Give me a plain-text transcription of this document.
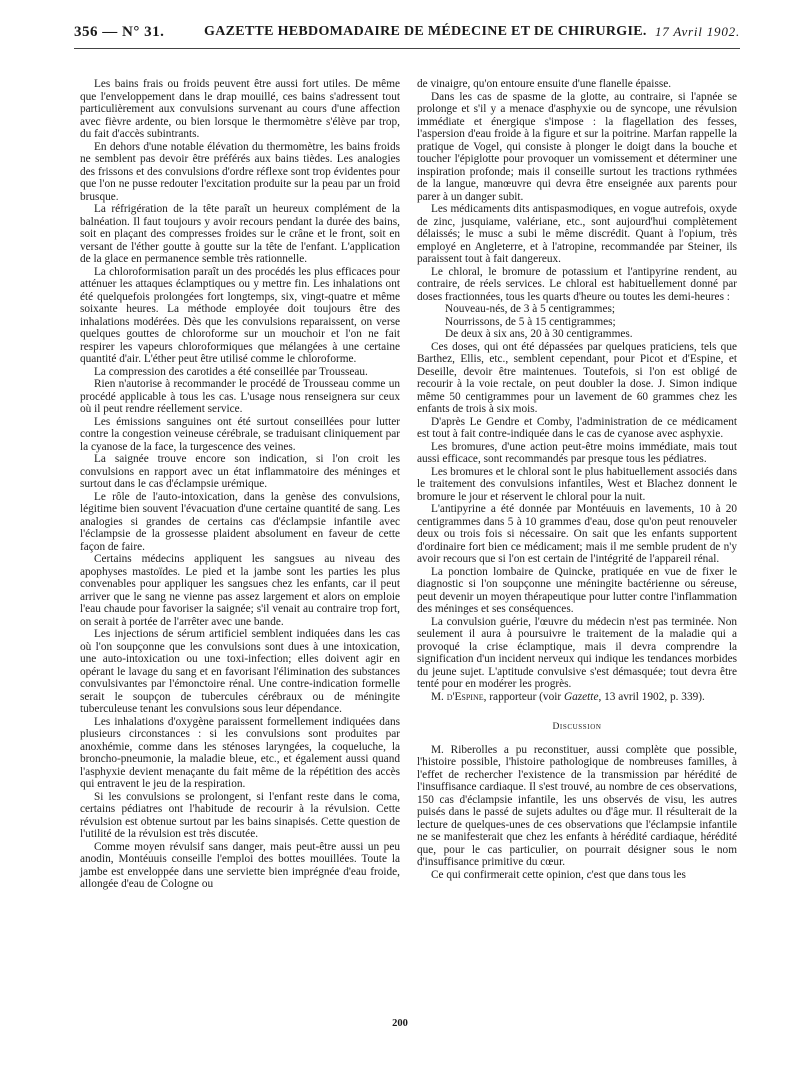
356 — N° 31.	GAZETTE HEBDOMADAIRE DE MÉDECINE ET DE CHIRURGIE. 17 Avril 1902.

Les bains frais ou froids peuvent être aussi fort utiles. De même que l'enveloppement dans le drap mouillé, ces bains s'adressent tout particulièrement aux convulsions survenant au cours d'une affection avec fièvre ardente, ou bien lorsque le thermomètre s'élève par trop, du fait d'accès subintrants.

En dehors d'une notable élévation du thermomètre, les bains froids ne semblent pas devoir être préférés aux bains tièdes. Les analogies des frissons et des convulsions d'ordre réflexe sont trop évidentes pour que l'on ne pusse redouter l'excitation produite sur la peau par un froid brusque.

La réfrigération de la tête paraît un heureux complément de la balnéation. Il faut toujours y avoir recours pendant la durée des bains, soit en plaçant des compresses froides sur le crâne et le front, soit en versant de l'éther goutte à goutte sur la tête de l'enfant. L'application de la glace en permanence semble très rationnelle.

La chloroformisation paraît un des procédés les plus efficaces pour atténuer les attaques éclamptiques ou y mettre fin. Les inhalations ont été quelquefois prolongées fort longtemps, six, vingt-quatre et même soixante heures. La méthode employée doit toujours être des inhalations modérées. Dès que les convulsions reparaissent, on verse quelques gouttes de chloroforme sur un mouchoir et l'on ne fait respirer les vapeurs chloroformiques que mélangées à une certaine quantité d'air. L'éther peut être utilisé comme le chloroforme.

La compression des carotides a été conseillée par Trousseau.

Rien n'autorise à recommander le procédé de Trousseau comme un procédé applicable à tous les cas. L'usage nous renseignera sur ceux où il peut rendre réellement service.

Les émissions sanguines ont été surtout conseillées pour lutter contre la congestion veineuse cérébrale, se traduisant cliniquement par la cyanose de la face, la turgescence des veines.

La saignée trouve encore son indication, si l'on croit les convulsions en rapport avec un état inflammatoire des méninges et surtout dans le cas d'éclampsie urémique.

Le rôle de l'auto-intoxication, dans la genèse des convulsions, légitime bien souvent l'évacuation d'une certaine quantité de sang. Les analogies si grandes de certains cas d'éclampsie infantile avec l'éclampsie de la grossesse plaident absolument en faveur de cette façon de faire.

Certains médecins appliquent les sangsues au niveau des apophyses mastoïdes. Le pied et la jambe sont les parties les plus convenables pour appliquer les sangsues chez les enfants, car il peut arriver que le sang ne vienne pas assez largement et alors on emploie l'eau chaude pour favoriser la saignée; s'il venait au contraire trop fort, on serait à portée de l'arrêter avec une bande.

Les injections de sérum artificiel semblent indiquées dans les cas où l'on soupçonne que les convulsions sont dues à une intoxication, une auto-intoxication ou une toxi-infection; elles doivent agir en opérant le lavage du sang et en favorisant l'élimination des substances convulsivantes par l'émonctoire rénal. Une contre-indication formelle serait le soupçon de tubercules cérébraux ou de méningite tuberculeuse tenant les convulsions sous leur dépendance.

Les inhalations d'oxygène paraissent formellement indiquées dans plusieurs circonstances : si les convulsions sont produites par anoxhémie, comme dans les sténoses laryngées, la coqueluche, la broncho-pneumonie, la maladie bleue, etc., et également aussi quand l'asphyxie devient menaçante du fait même de la répétition des accès qui entravent le jeu de la respiration.

Si les convulsions se prolongent, si l'enfant reste dans le coma, certains pédiatres ont l'habitude de recourir à la révulsion. Cette révulsion est obtenue surtout par les bains sinapisés. Cette question de l'utilité de la révulsion est très discutée.

Comme moyen révulsif sans danger, mais peut-être aussi un peu anodin, Montéuuis conseille l'emploi des bottes mouillées. Toute la jambe est enveloppée dans une serviette bien imprégnée d'eau froide, allongée d'eau de Cologne ou

de vinaigre, qu'on entoure ensuite d'une flanelle épaisse.

Dans les cas de spasme de la glotte, au contraire, si l'apnée se prolonge et s'il y a menace d'asphyxie ou de syncope, une révulsion immédiate et énergique s'impose : la flagellation des fesses, l'aspersion d'eau froide à la figure et sur la poitrine. Marfan rappelle la pratique de Vogel, qui consiste à plonger le doigt dans la bouche et toucher l'épiglotte pour provoquer un vomissement et déterminer une inspiration profonde; mais il conseille surtout les tractions rythmées de la langue, manœuvre qui devra être enseignée aux parents pour parer à un danger subit.

Les médicaments dits antispasmodiques, en vogue autrefois, oxyde de zinc, jusquiame, valériane, etc., sont aujourd'hui complètement délaissés; le musc a subi le même discrédit. Quant à l'opium, très employé en Angleterre, et à l'atropine, recommandée par Steiner, ils paraissent tout à fait dangereux.

Le chloral, le bromure de potassium et l'antipyrine rendent, au contraire, de réels services. Le chloral est habituellement donné par doses fractionnées, tous les quarts d'heure ou toutes les demi-heures :

Nouveau-nés, de 3 à 5 centigrammes;

Nourrissons, de 5 à 15 centigrammes;

De deux à six ans, 20 à 30 centigrammes.

Ces doses, qui ont été dépassées par quelques praticiens, tels que Barthez, Ellis, etc., semblent cependant, pour Picot et d'Espine, et Deseille, devoir être maintenues. Toutefois, si l'on est obligé de recourir à la voie rectale, on peut doubler la dose. J. Simon indique même 50 centigrammes pour un lavement de 60 grammes chez les enfants de trois à six mois.

D'après Le Gendre et Comby, l'administration de ce médicament est tout à fait contre-indiquée dans le cas de cyanose avec asphyxie.

Les bromures, d'une action peut-être moins immédiate, mais tout aussi efficace, sont recommandés par presque tous les pédiatres.

Les bromures et le chloral sont le plus habituellement associés dans le traitement des convulsions infantiles, West et Blachez donnent le bromure le jour et réservent le chloral pour la nuit.

L'antipyrine a été donnée par Montéuuis en lavements, 10 à 20 centigrammes dans 5 à 10 grammes d'eau, dose qu'on peut renouveler deux ou trois fois si nécessaire. On sait que les enfants supportent d'ordinaire fort bien ce médicament; mais il me semble prudent de n'y avoir recours que si l'on est certain de l'intégrité de l'appareil rénal.

La ponction lombaire de Quincke, pratiquée en vue de fixer le diagnostic si l'on soupçonne une méningite bactérienne ou séreuse, peut devenir un moyen thérapeutique pour lutter contre l'inflammation des méninges et ses conséquences.

La convulsion guérie, l'œuvre du médecin n'est pas terminée. Non seulement il aura à poursuivre le traitement de la maladie qui a provoqué la crise éclamptique, mais il devra comprendre la signification d'un incident nerveux qui indique les tendances morbides du jeune sujet. L'aptitude convulsive s'est démasquée; tout devra être tenté pour en modérer les progrès.

M. d'Espine, rapporteur (voir Gazette, 13 avril 1902, p. 339).

Discussion

M. Riberolles a pu reconstituer, aussi complète que possible, l'histoire possible, l'histoire pathologique de nombreuses familles, à l'effet de rechercher l'existence de la transmission par hérédité de l'insuffisance cardiaque. Il s'est trouvé, au nombre de ces observations, 150 cas d'éclampsie infantile, les uns observés de visu, les autres puisés dans le passé de sujets adultes ou d'âge mur. Il résulterait de la lecture de quelques-unes de ces observations que l'éclampsie infantile ne se manifesterait que chez les enfants à hérédité cardiaque, hérédité que, pour le cas particulier, on pourrait désigner sous le nom d'insuffisance primitive du cœur.

Ce qui confirmerait cette opinion, c'est que dans tous les

200
